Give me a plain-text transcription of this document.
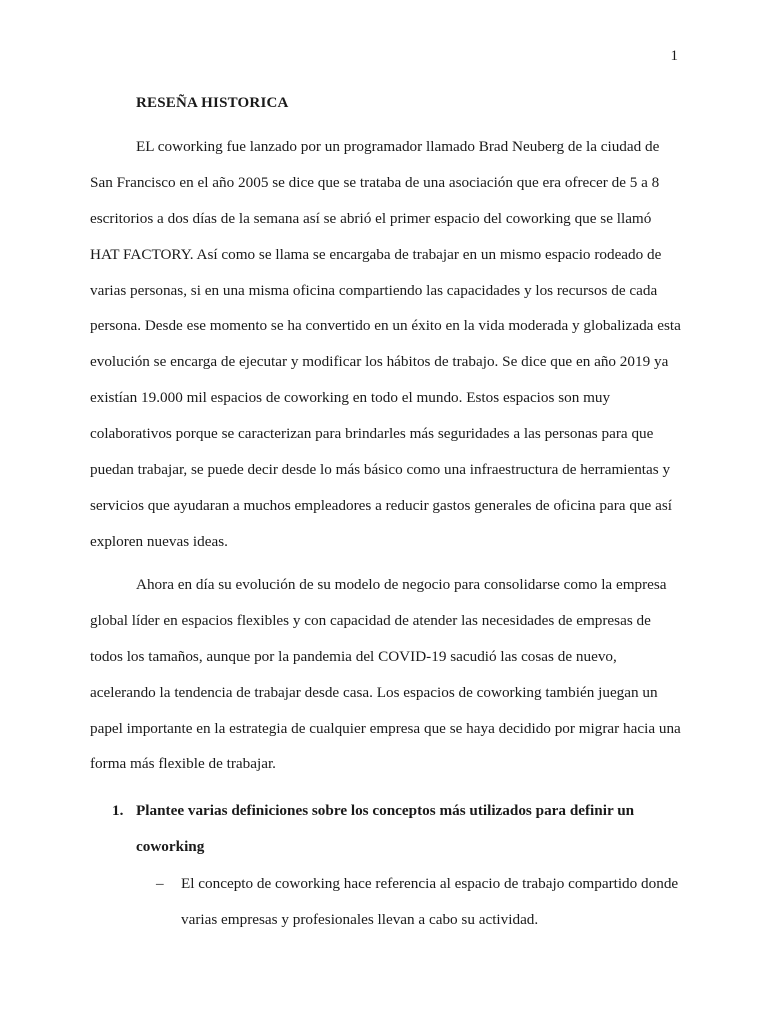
1
RESEÑA HISTORICA

EL coworking fue lanzado por un programador llamado Brad Neuberg de la ciudad de
San Francisco en el año 2005 se dice que se trataba de una asociación que era ofrecer de 5 a 8
escritorios a dos días de la semana así se abrió el primer espacio del coworking que se llamó
HAT FACTORY. Así como se llama se encargaba de trabajar en un mismo espacio rodeado de
varias personas, si en una misma oficina compartiendo las capacidades y los recursos de cada
persona. Desde ese momento se ha convertido en un éxito en la vida moderada y globalizada esta
evolución se encarga de ejecutar y modificar los hábitos de trabajo. Se dice que en año 2019 ya
existían 19.000 mil espacios de coworking en todo el mundo. Estos espacios son muy
colaborativos porque se caracterizan para brindarles más seguridades a las personas para que
puedan trabajar, se puede decir desde lo más básico como una infraestructura de herramientas y
servicios que ayudaran a muchos empleadores a reducir gastos generales de oficina para que así
exploren nuevas ideas.

Ahora en día su evolución de su modelo de negocio para consolidarse como la empresa
global líder en espacios flexibles y con capacidad de atender las necesidades de empresas de
todos los tamaños, aunque por la pandemia del COVID-19 sacudió las cosas de nuevo,
acelerando la tendencia de trabajar desde casa. Los espacios de coworking también juegan un
papel importante en la estrategia de cualquier empresa que se haya decidido por migrar hacia una
forma más flexible de trabajar.

1. Plantee varias definiciones sobre los conceptos más utilizados para definir un
coworking
– El concepto de coworking hace referencia al espacio de trabajo compartido donde
varias empresas y profesionales llevan a cabo su actividad.
